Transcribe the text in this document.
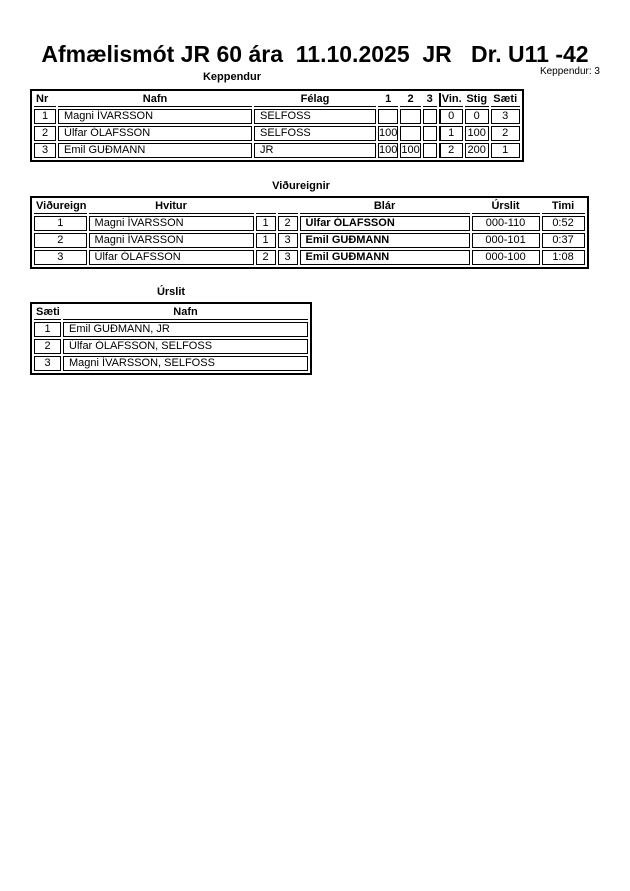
Afmælismót JR 60 ára  11.10.2025  JR   Dr. U11 -42
Keppendur: 3
Keppendur
Nr	Nafn	Félag	1	2	3	Vin.	Stig	Sæti
1	Magni ÍVARSSON	SELFOSS				0	0	3
2	Úlfar ÓLAFSSON	SELFOSS	100			1	100	2
3	Emil GUÐMANN	JR	100	100		2	200	1
Viðureignir
Viðureign	Hvitur			Blár	Úrslit	Timi
1	Magni ÍVARSSON	1	2	Úlfar ÓLAFSSON	000-110	0:52
2	Magni ÍVARSSON	1	3	Emil GUÐMANN	000-101	0:37
3	Úlfar ÓLAFSSON	2	3	Emil GUÐMANN	000-100	1:08
Úrslit
Sæti	Nafn
1	Emil GUÐMANN, JR
2	Úlfar ÓLAFSSON, SELFOSS
3	Magni ÍVARSSON, SELFOSS
